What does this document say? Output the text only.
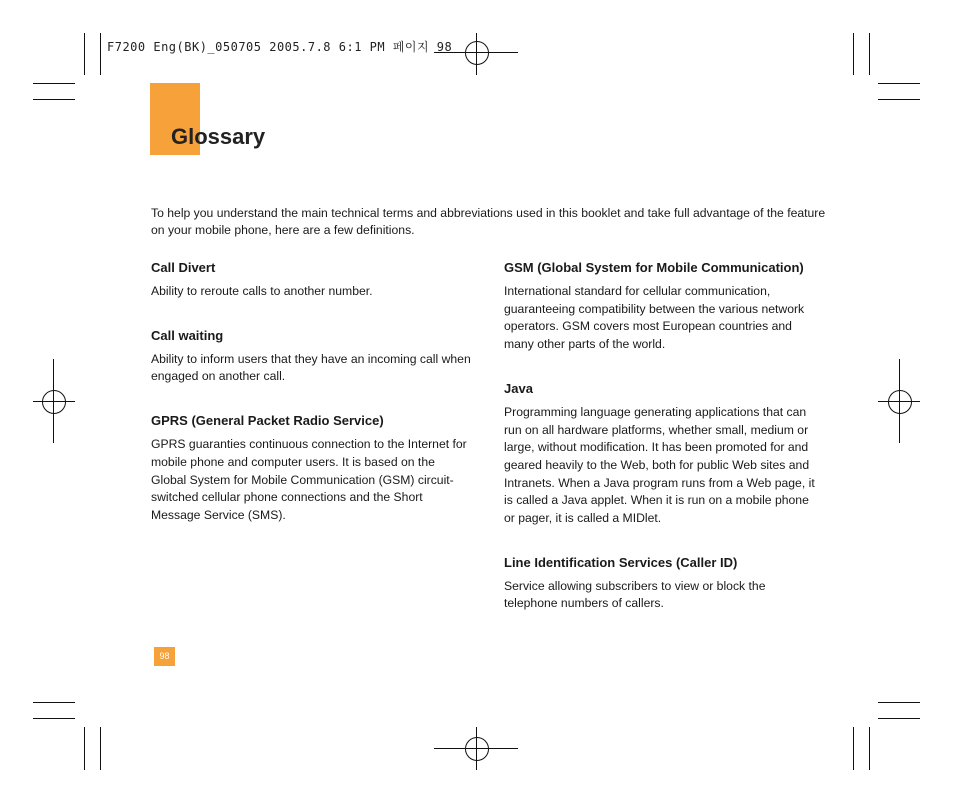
F7200 Eng(BK)_050705 2005.7.8 6:1 PM 페이지 98
Glossary

To help you understand the main technical terms and abbreviations used in this booklet and take full advantage of the feature on your mobile phone, here are a few definitions.

Call Divert

Ability to reroute calls to another number.

Call waiting

Ability to inform users that they have an incoming call when engaged on another call.

GPRS (General Packet Radio Service)

GPRS guaranties continuous connection to the Internet for mobile phone and computer users. It is based on the Global System for Mobile Communication (GSM) circuit-switched cellular phone connections and the Short Message Service (SMS).

GSM (Global System for Mobile Communication)

International standard for cellular communication, guaranteeing compatibility between the various network operators. GSM covers most European countries and many other parts of the world.

Java

Programming language generating applications that can run on all hardware platforms, whether small, medium or large, without modification. It has been promoted for and geared heavily to the Web, both for public Web sites and Intranets. When a Java program runs from a Web page, it is called a Java applet. When it is run on a mobile phone or pager, it is called a MIDlet.

Line Identification Services (Caller ID)

Service allowing subscribers to view or block the telephone numbers of callers.

98
